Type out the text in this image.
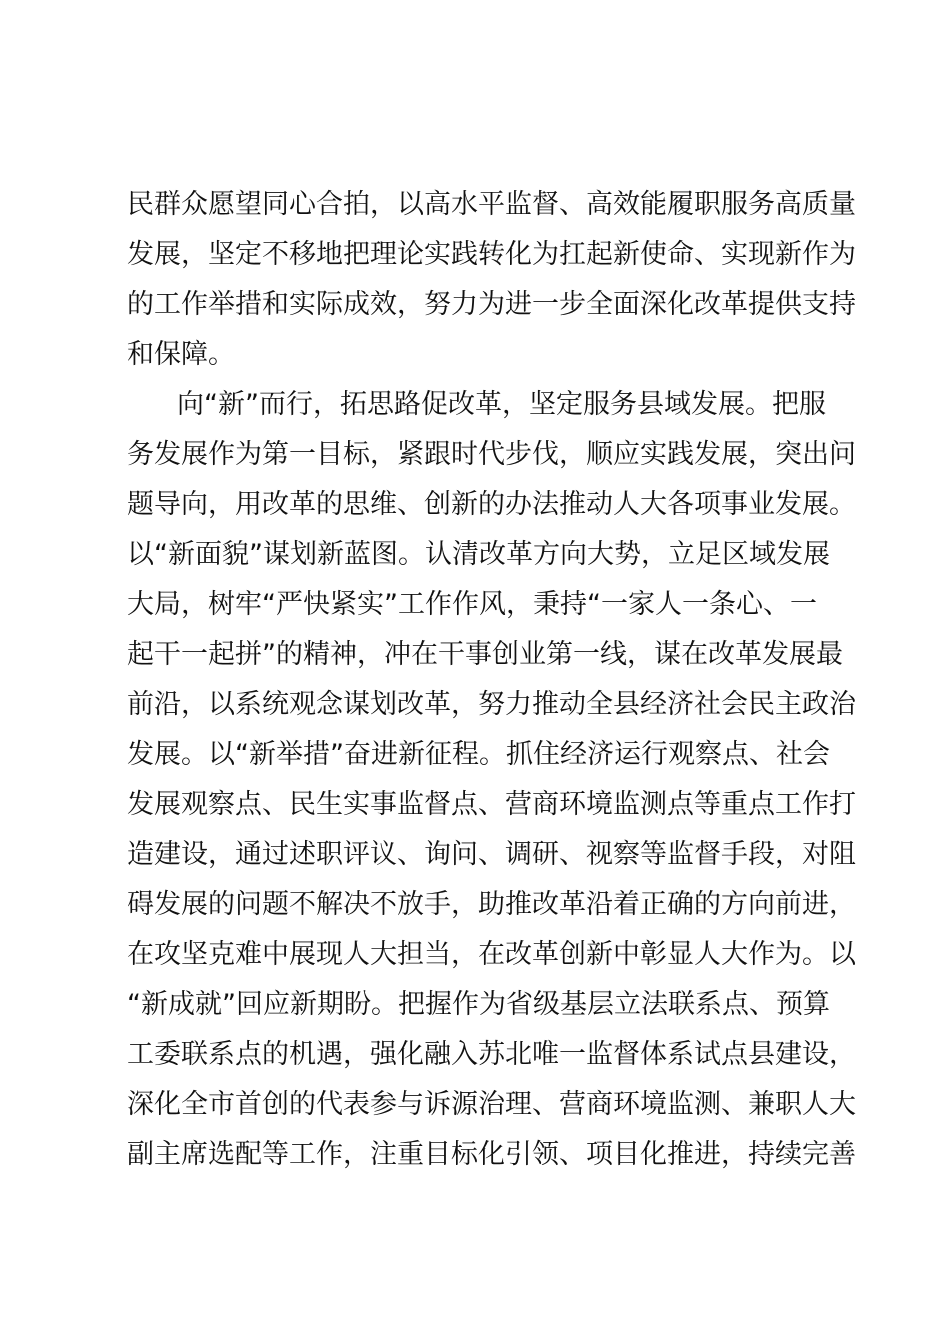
民群众愿望同心合拍，以高水平监督、高效能履职服务高质量
发展，坚定不移地把理论实践转化为扛起新使命、实现新作为
的工作举措和实际成效，努力为进一步全面深化改革提供支持
和保障。
向“新”而行，拓思路促改革，坚定服务县域发展。把服
务发展作为第一目标，紧跟时代步伐，顺应实践发展，突出问
题导向，用改革的思维、创新的办法推动人大各项事业发展。
以“新面貌”谋划新蓝图。认清改革方向大势，立足区域发展
大局，树牢“严快紧实”工作作风，秉持“一家人一条心、一
起干一起拼”的精神，冲在干事创业第一线，谋在改革发展最
前沿，以系统观念谋划改革，努力推动全县经济社会民主政治
发展。以“新举措”奋进新征程。抓住经济运行观察点、社会
发展观察点、民生实事监督点、营商环境监测点等重点工作打
造建设，通过述职评议、询问、调研、视察等监督手段，对阻
碍发展的问题不解决不放手，助推改革沿着正确的方向前进，
在攻坚克难中展现人大担当，在改革创新中彰显人大作为。以
“新成就”回应新期盼。把握作为省级基层立法联系点、预算
工委联系点的机遇，强化融入苏北唯一监督体系试点县建设，
深化全市首创的代表参与诉源治理、营商环境监测、兼职人大
副主席选配等工作，注重目标化引领、项目化推进，持续完善
